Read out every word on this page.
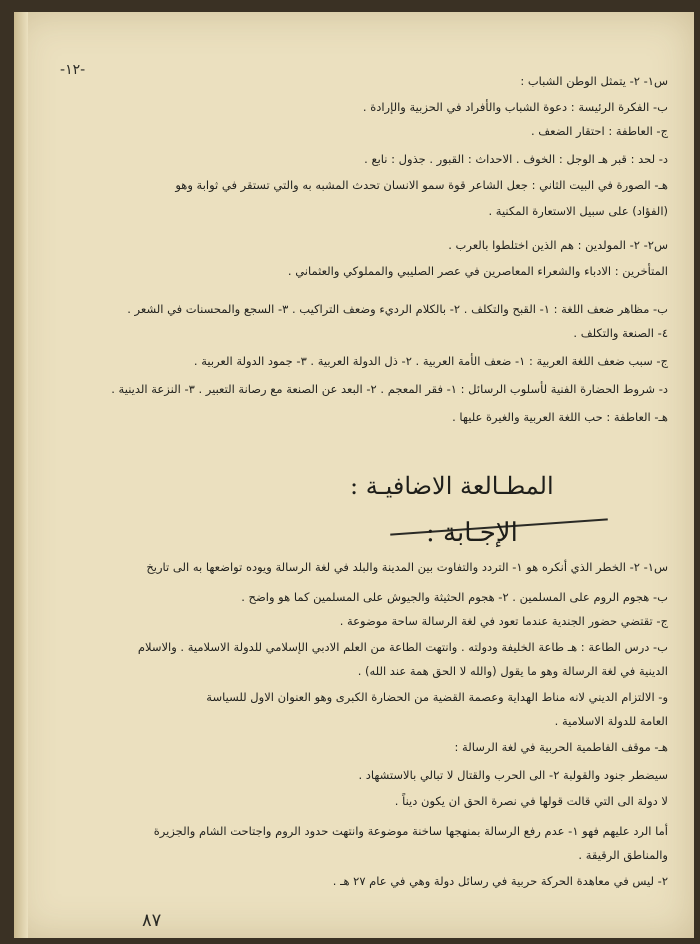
-١٢-
س١- ٢- يتمثل الوطن الشباب :
ب- الفكرة الرئيسة : دعوة الشباب والأفراد في الحزبية والإرادة .
ج- العاطفة : احتقار الضعف .
د- لحد : قبر هـ الوجل : الخوف . الاحداث : القبور . جذول : نابع .
هـ- الصورة في البيت الثاني : جعل الشاعر قوة سمو الانسان تحدث المشبه به والتي تستقر في ثوابة وهو
(الفؤاد) على سبيل الاستعارة المكنية .
س٢- ٢- المولدين : هم الذين اختلطوا بالعرب .
المتأخرين : الادباء والشعراء المعاصرين في عصر الصليبي والمملوكي والعثماني .
ب- مظاهر ضعف اللغة : ١- القبح والتكلف . ٢- بالكلام الرديء وضعف التراكيب . ٣- السجع والمحسنات في الشعر .
٤- الصنعة والتكلف .
ج- سبب ضعف اللغة العربية : ١- ضعف الأمة العربية . ٢- ذل الدولة العربية . ٣- جمود الدولة العربية .
د- شروط الحضارة الفنية لأسلوب الرسائل : ١- فقر المعجم . ٢- البعد عن الصنعة مع رصانة التعبير . ٣- النزعة الدينية .
هـ- العاطفة : حب اللغة العربية والغيرة عليها .
المطـالعة الاضافيـة :
الإجـابة :
س١- ٢- الخطر الذي أنكره هو ١- التردد والتفاوت بين المدينة والبلد في لغة الرسالة ويوده تواضعها به الى تاريخ
ب- هجوم الروم على المسلمين . ٢- هجوم الحثيثة والجيوش على المسلمين كما هو واضح .
ج- تقتضي حضور الجندية عندما تعود في لغة الرسالة ساحة موضوعة .
ب- درس الطاعة : هـ طاعة الخليفة ودولته . وانتهت الطاعة من العلم الادبي الإسلامي للدولة الاسلامية . والاسلام
الدينية في لغة الرسالة وهو ما يقول (والله لا الحق همة عند الله) .
و- الالتزام الديني لانه مناط الهداية وعصمة القضية من الحضارة الكبرى وهو العنوان الاول للسياسة
العامة للدولة الاسلامية .
هـ- موقف الفاطمية الحربية في لغة الرسالة :
سيضطر جنود والقولبة ٢- الى الحرب والقتال لا تبالي بالاستشهاد .
لا دولة الى التي قالت قولها في نصرة الحق ان يكون ديناً .
أما الرد عليهم فهو ١- عدم رفع الرسالة بمنهجها ساخنة موضوعة وانتهت حدود الروم واجتاحت الشام والجزيرة
والمناطق الرقيقة .
٢- ليس في معاهدة الحركة حربية في رسائل دولة وهي في عام ٢٧ هـ .
٨٧
